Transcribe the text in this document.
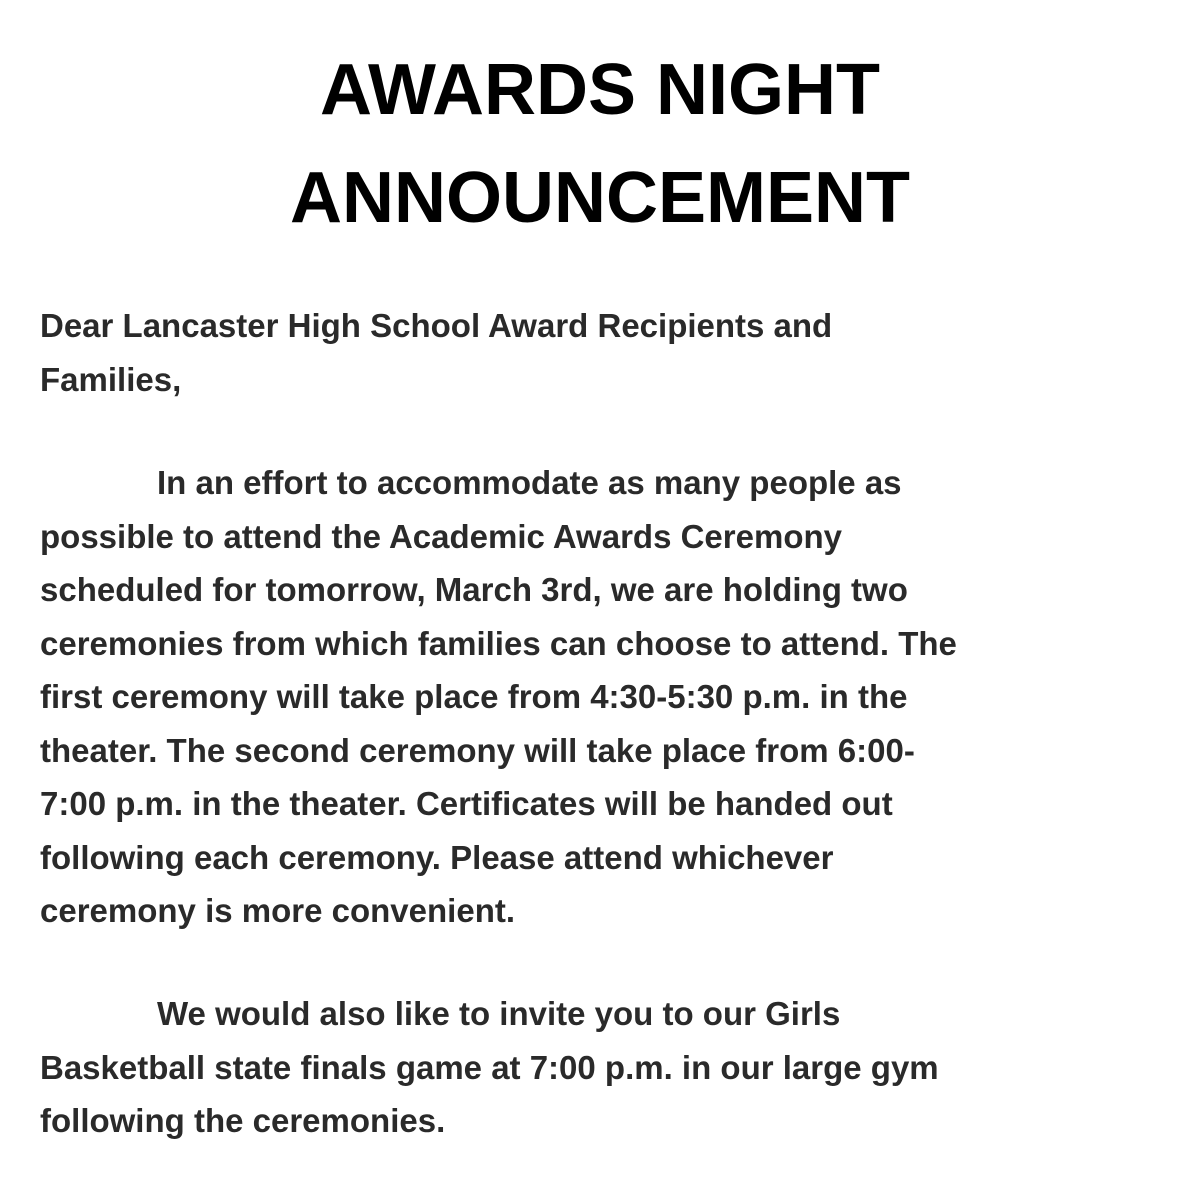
AWARDS NIGHT
ANNOUNCEMENT

Dear Lancaster High School Award Recipients and
Families,

In an effort to accommodate as many people as
possible to attend the Academic Awards Ceremony
scheduled for tomorrow, March 3rd, we are holding two
ceremonies from which families can choose to attend. The
first ceremony will take place from 4:30-5:30 p.m. in the
theater. The second ceremony will take place from 6:00-
7:00 p.m. in the theater. Certificates will be handed out
following each ceremony. Please attend whichever
ceremony is more convenient.

We would also like to invite you to our Girls
Basketball state finals game at 7:00 p.m. in our large gym
following the ceremonies.
